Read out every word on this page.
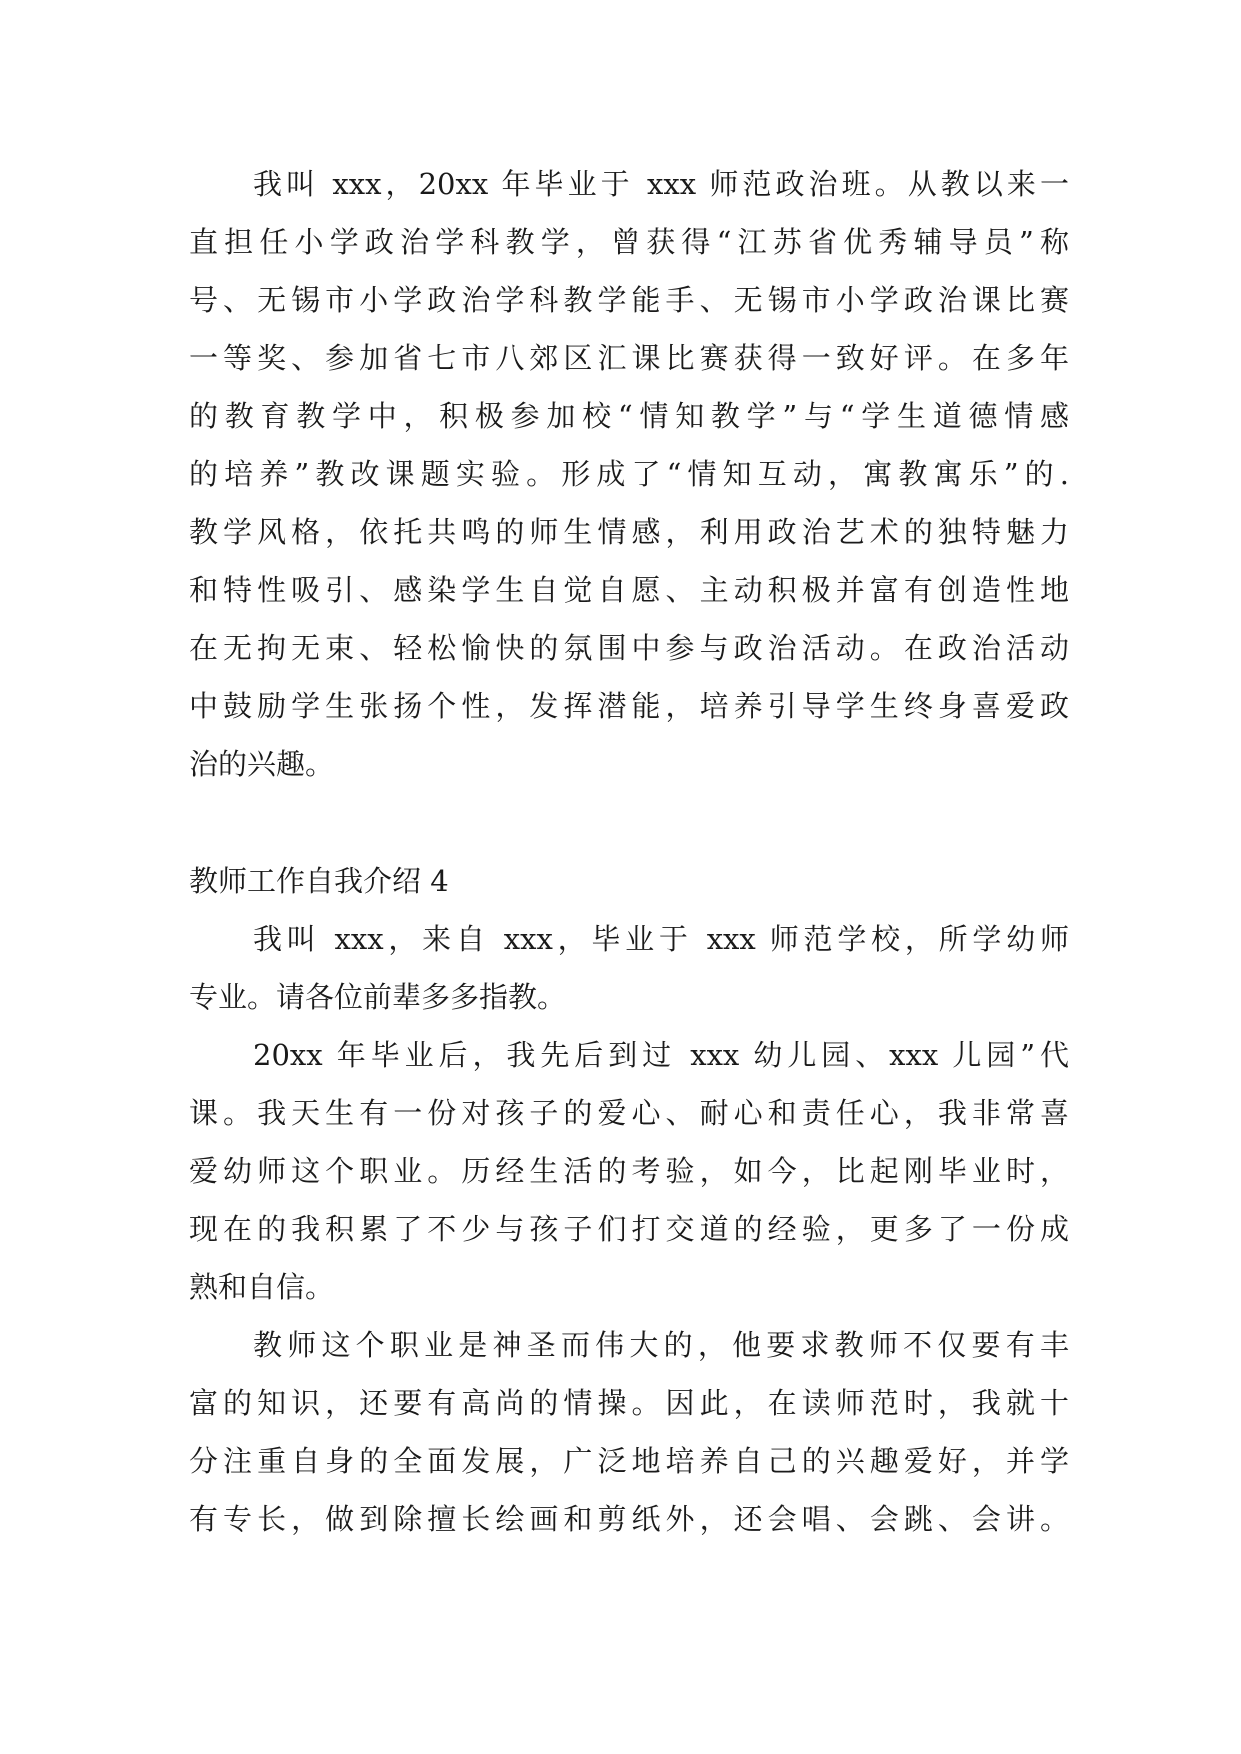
我叫 xxx，20xx 年毕业于 xxx 师范政治班。从教以来一
直担任小学政治学科教学，曾获得“江苏省优秀辅导员”称
号、无锡市小学政治学科教学能手、无锡市小学政治课比赛
一等奖、参加省七市八郊区汇课比赛获得一致好评。在多年
的教育教学中，积极参加校“情知教学”与“学生道德情感
的培养”教改课题实验。形成了“情知互动，寓教寓乐”的.
教学风格，依托共鸣的师生情感，利用政治艺术的独特魅力
和特性吸引、感染学生自觉自愿、主动积极并富有创造性地
在无拘无束、轻松愉快的氛围中参与政治活动。在政治活动
中鼓励学生张扬个性，发挥潜能，培养引导学生终身喜爱政
治的兴趣。
教师工作自我介绍 4
我叫 xxx，来自 xxx，毕业于 xxx 师范学校，所学幼师
专业。请各位前辈多多指教。
20xx 年毕业后，我先后到过 xxx 幼儿园、xxx 儿园”代
课。我天生有一份对孩子的爱心、耐心和责任心，我非常喜
爱幼师这个职业。历经生活的考验，如今，比起刚毕业时，
现在的我积累了不少与孩子们打交道的经验，更多了一份成
熟和自信。
教师这个职业是神圣而伟大的，他要求教师不仅要有丰
富的知识，还要有高尚的情操。因此，在读师范时，我就十
分注重自身的全面发展，广泛地培养自己的兴趣爱好，并学
有专长，做到除擅长绘画和剪纸外，还会唱、会跳、会讲。
